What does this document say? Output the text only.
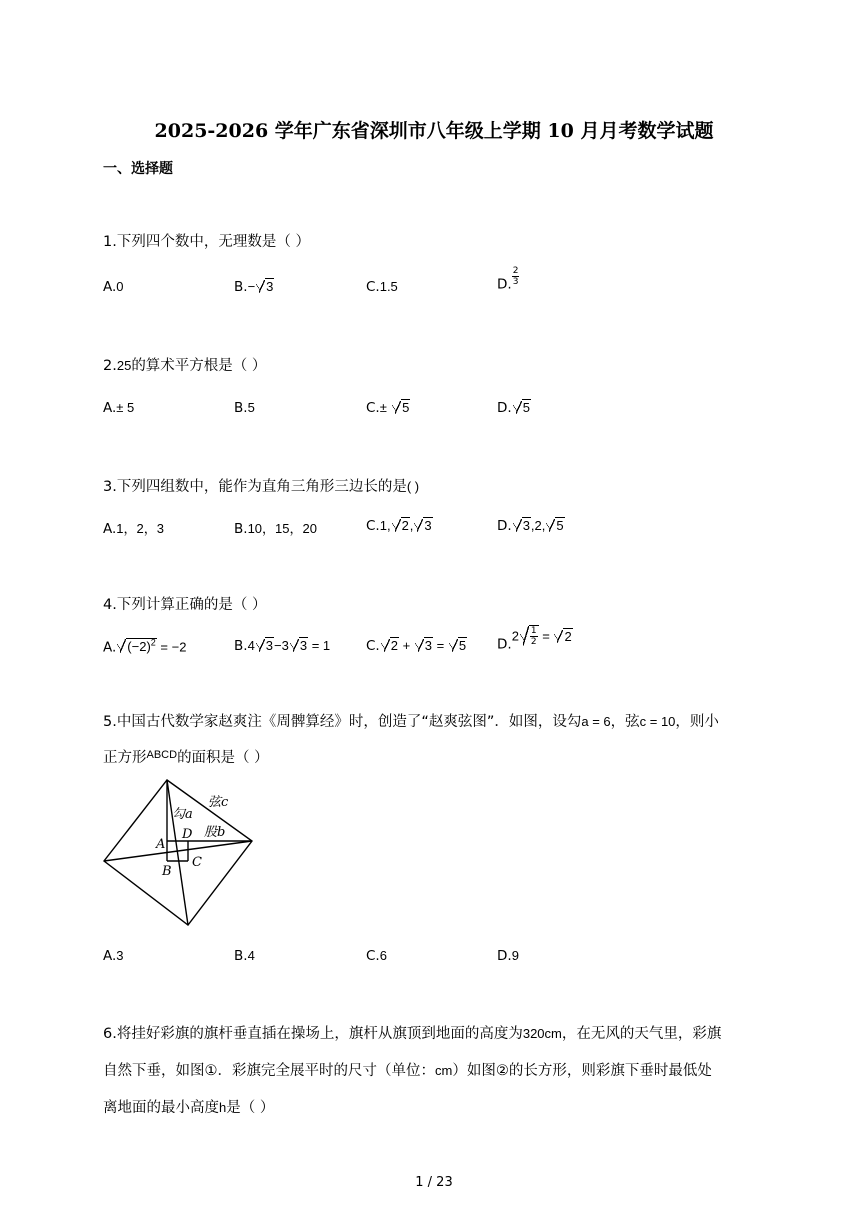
2025-2026 学年广东省深圳市八年级上学期 10 月月考数学试题
一、选择题
1.下列四个数中，无理数是（ ）
A.0	B.− 3	C.1.5	D. $\frac{2}{3}$
2.25的算术平方根是（ ）
A.± 5	B.5	C.± 5	D. 5
3.下列四组数中，能作为直角三角形三边长的是( )
A.1，2，3	B.10，15，20	C.1, 2, 3	D. 3,2, 5
4.下列计算正确的是（ ）
A. $(-2)^2 = -2$	B.4 3−3 3 = 1	C. 2 + 3 = 5 $D.2 \frac{1}{2} = 2$
5.中国古代数学家赵爽注《周髀算经》时，创造了“赵爽弦图”．如图，设勾a = 6，弦c = 10，则小
正方形$^{ABCD}$的面积是（ ）
弦c
勾a
股b
D
A
B
C
A.3	B.4	C.6	D.9
6.将挂好彩旗的旗杆垂直插在操场上，旗杆从旗顶到地面的高度为320cm，在无风的天气里，彩旗
自然下垂，如图①．彩旗完全展平时的尺寸（单位：cm）如图②的长方形，则彩旗下垂时最低处
离地面的最小高度h是（ ）
1 / 23
